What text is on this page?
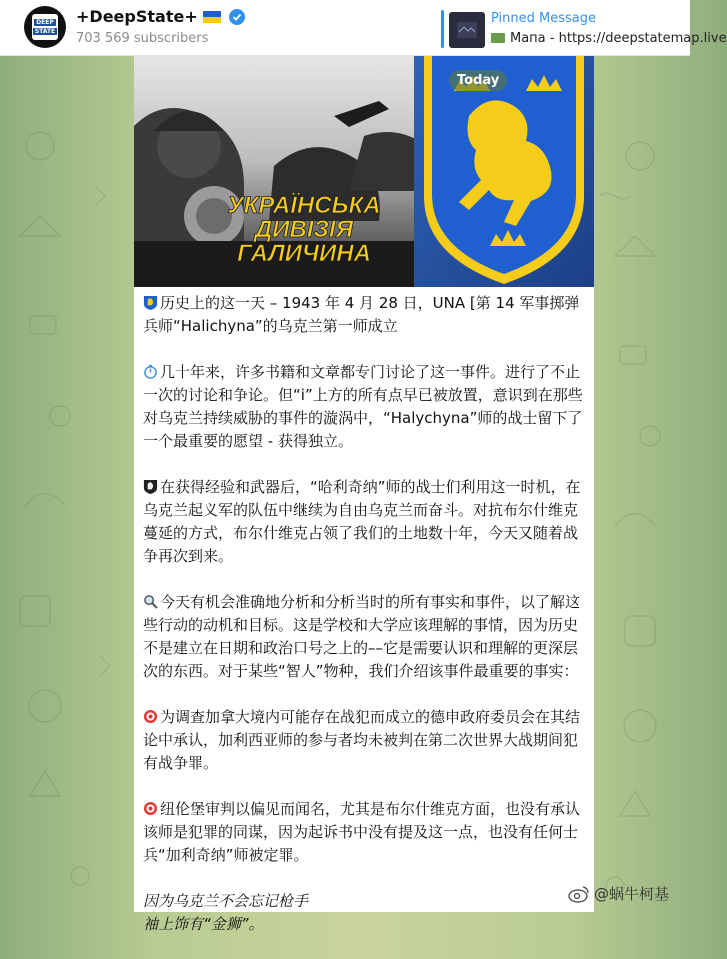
DEEP
STATE
+DeepState+
703 569 subscribers
Pinned Message
Мапа - https://deepstatemap.live
УКРАЇНСЬКА
ДИВІЗІЯ
ГАЛИЧИНА
Today

历史上的这一天 – 1943 年 4 月 28 日，UNA [第 14 军事掷弹兵师“Halichyna”的乌克兰第一师成立

几十年来，许多书籍和文章都专门讨论了这一事件。进行了不止一次的讨论和争论。但“i”上方的所有点早已被放置，意识到在那些对乌克兰持续威胁的事件的漩涡中，“Halychyna”师的战士留下了一个最重要的愿望 - 获得独立。

在获得经验和武器后，“哈利奇纳”师的战士们利用这一时机，在乌克兰起义军的队伍中继续为自由乌克兰而奋斗。对抗布尔什维克蔓延的方式，布尔什维克占领了我们的土地数十年，今天又随着战争再次到来。

今天有机会准确地分析和分析当时的所有事实和事件，以了解这些行动的动机和目标。这是学校和大学应该理解的事情，因为历史不是建立在日期和政治口号之上的––它是需要认识和理解的更深层次的东西。对于某些“智人”物种，我们介绍该事件最重要的事实：

为调查加拿大境内可能存在战犯而成立的德申政府委员会在其结论中承认，加利西亚师的参与者均未被判在第二次世界大战期间犯有战争罪。

纽伦堡审判以偏见而闻名，尤其是布尔什维克方面，也没有承认该师是犯罪的同谋，因为起诉书中没有提及这一点，也没有任何士兵“加利奇纳”师被定罪。

因为乌克兰不会忘记枪手
袖上饰有“金狮”。

@蜗牛柯基
